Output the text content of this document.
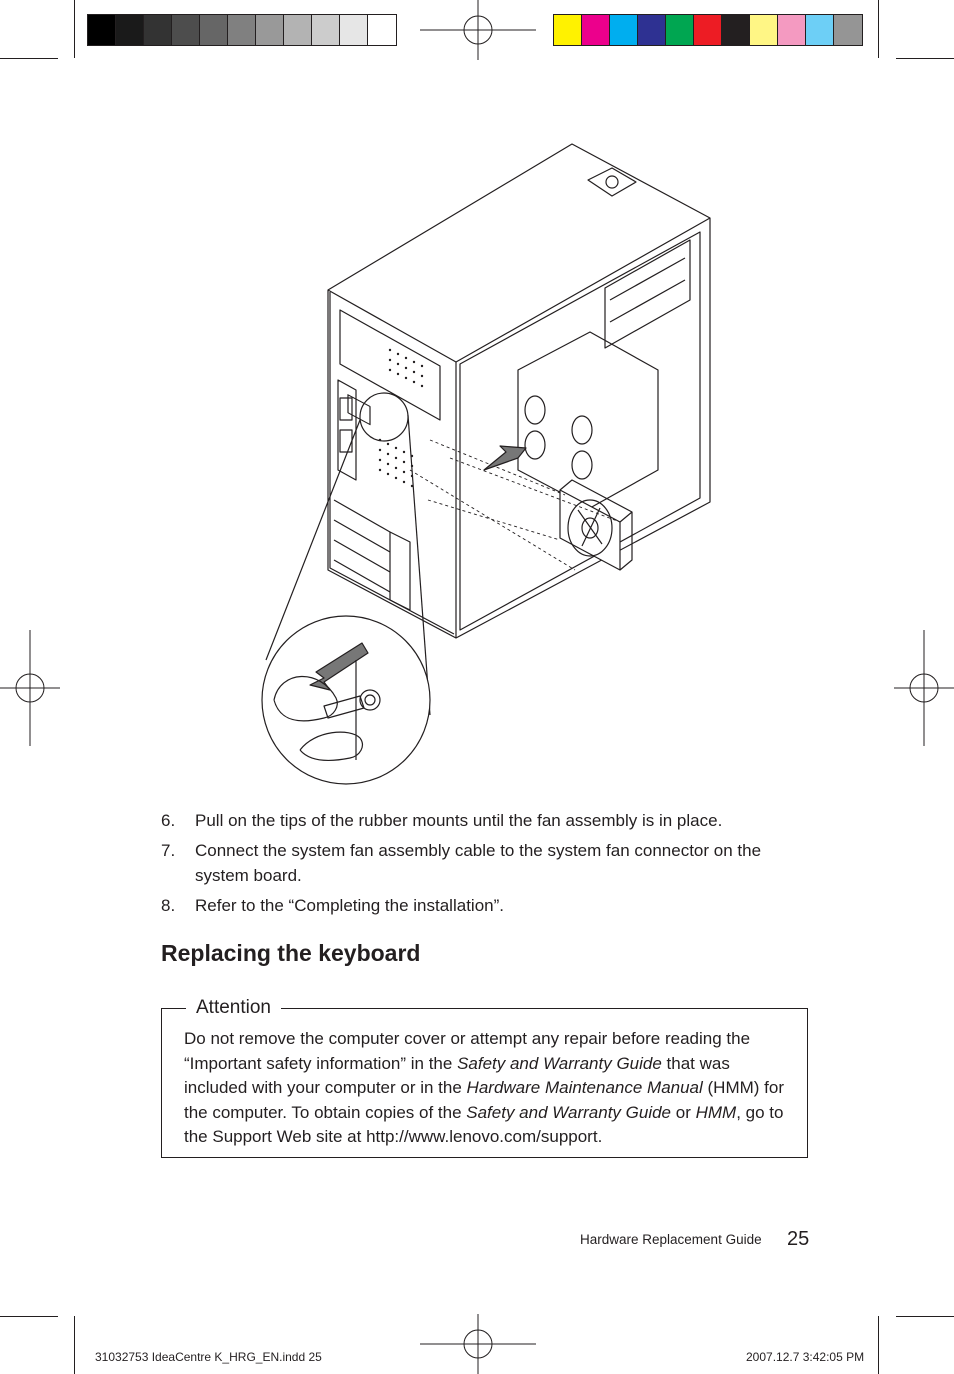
6.	Pull on the tips of the rubber mounts until the fan assembly is in place.
7.	Connect the system fan assembly cable to the system fan connector on the system board.
8.	Refer to the “Completing the installation”.
Replacing the keyboard
Attention
Do not remove the computer cover or attempt any repair before reading the “Important safety information” in the Safety and Warranty Guide that was included with your computer or in the Hardware Maintenance Manual (HMM) for the computer. To obtain copies of the Safety and Warranty Guide or HMM, go to the Support Web site at http://www.lenovo.com/support.
Hardware Replacement Guide 25
31032753 IdeaCentre K_HRG_EN.indd 25	2007.12.7 3:42:05 PM
